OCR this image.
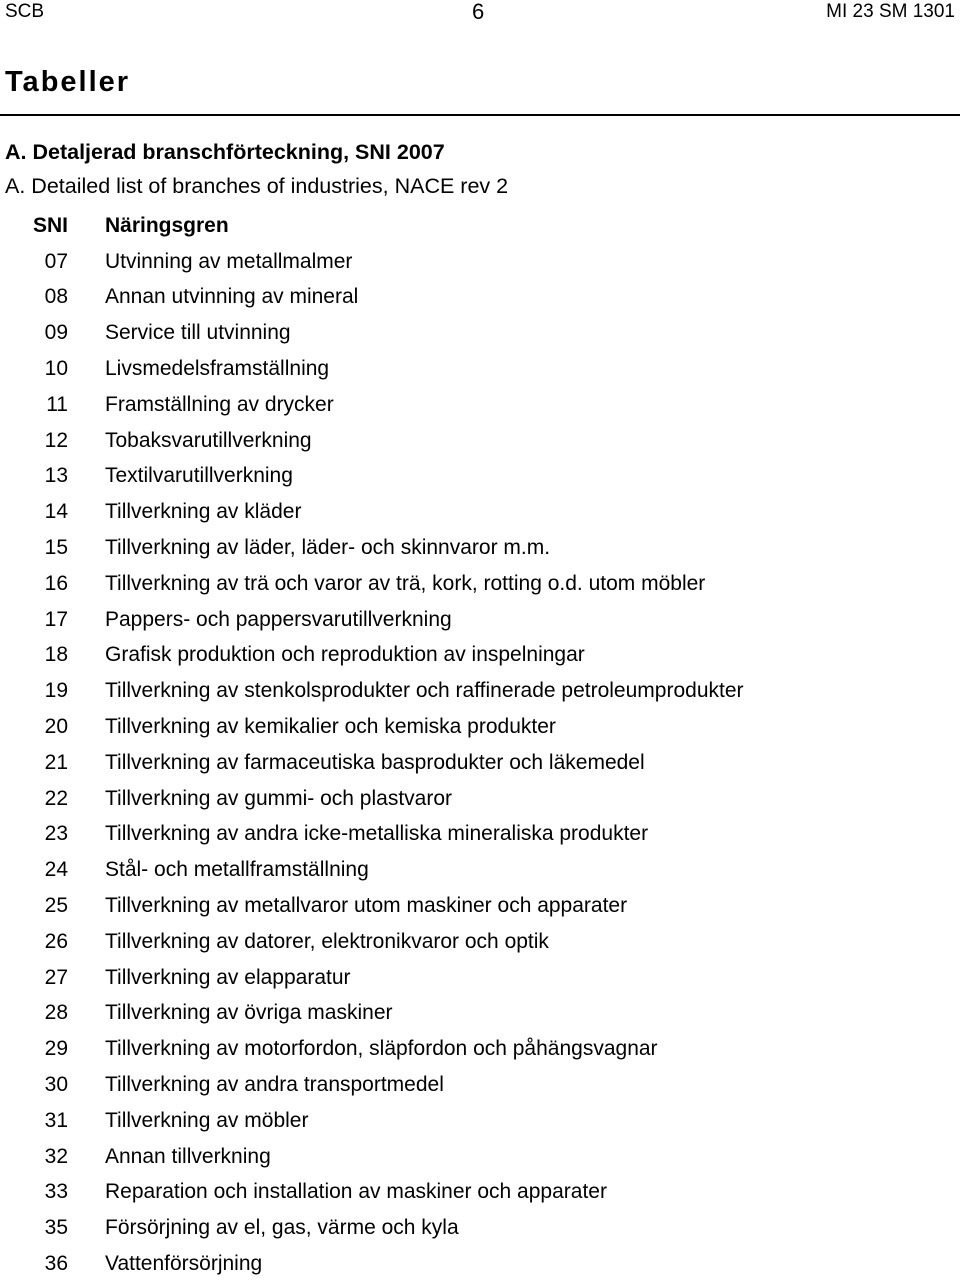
SCB	6	MI 23 SM 1301
Tabeller
A. Detaljerad branschförteckning, SNI 2007
A. Detailed list of branches of industries, NACE rev 2
SNI Näringsgren
07 Utvinning av metallmalmer
08 Annan utvinning av mineral
09 Service till utvinning
10 Livsmedelsframställning
11 Framställning av drycker
12 Tobaksvarutillverkning
13 Textilvarutillverkning
14 Tillverkning av kläder
15 Tillverkning av läder, läder- och skinnvaror m.m.
16 Tillverkning av trä och varor av trä, kork, rotting o.d. utom möbler
17 Pappers- och pappersvarutillverkning
18 Grafisk produktion och reproduktion av inspelningar
19 Tillverkning av stenkolsprodukter och raffinerade petroleumprodukter
20 Tillverkning av kemikalier och kemiska produkter
21 Tillverkning av farmaceutiska basprodukter och läkemedel
22 Tillverkning av gummi- och plastvaror
23 Tillverkning av andra icke-metalliska mineraliska produkter
24 Stål- och metallframställning
25 Tillverkning av metallvaror utom maskiner och apparater
26 Tillverkning av datorer, elektronikvaror och optik
27 Tillverkning av elapparatur
28 Tillverkning av övriga maskiner
29 Tillverkning av motorfordon, släpfordon och påhängsvagnar
30 Tillverkning av andra transportmedel
31 Tillverkning av möbler
32 Annan tillverkning
33 Reparation och installation av maskiner och apparater
35 Försörjning av el, gas, värme och kyla
36 Vattenförsörjning
